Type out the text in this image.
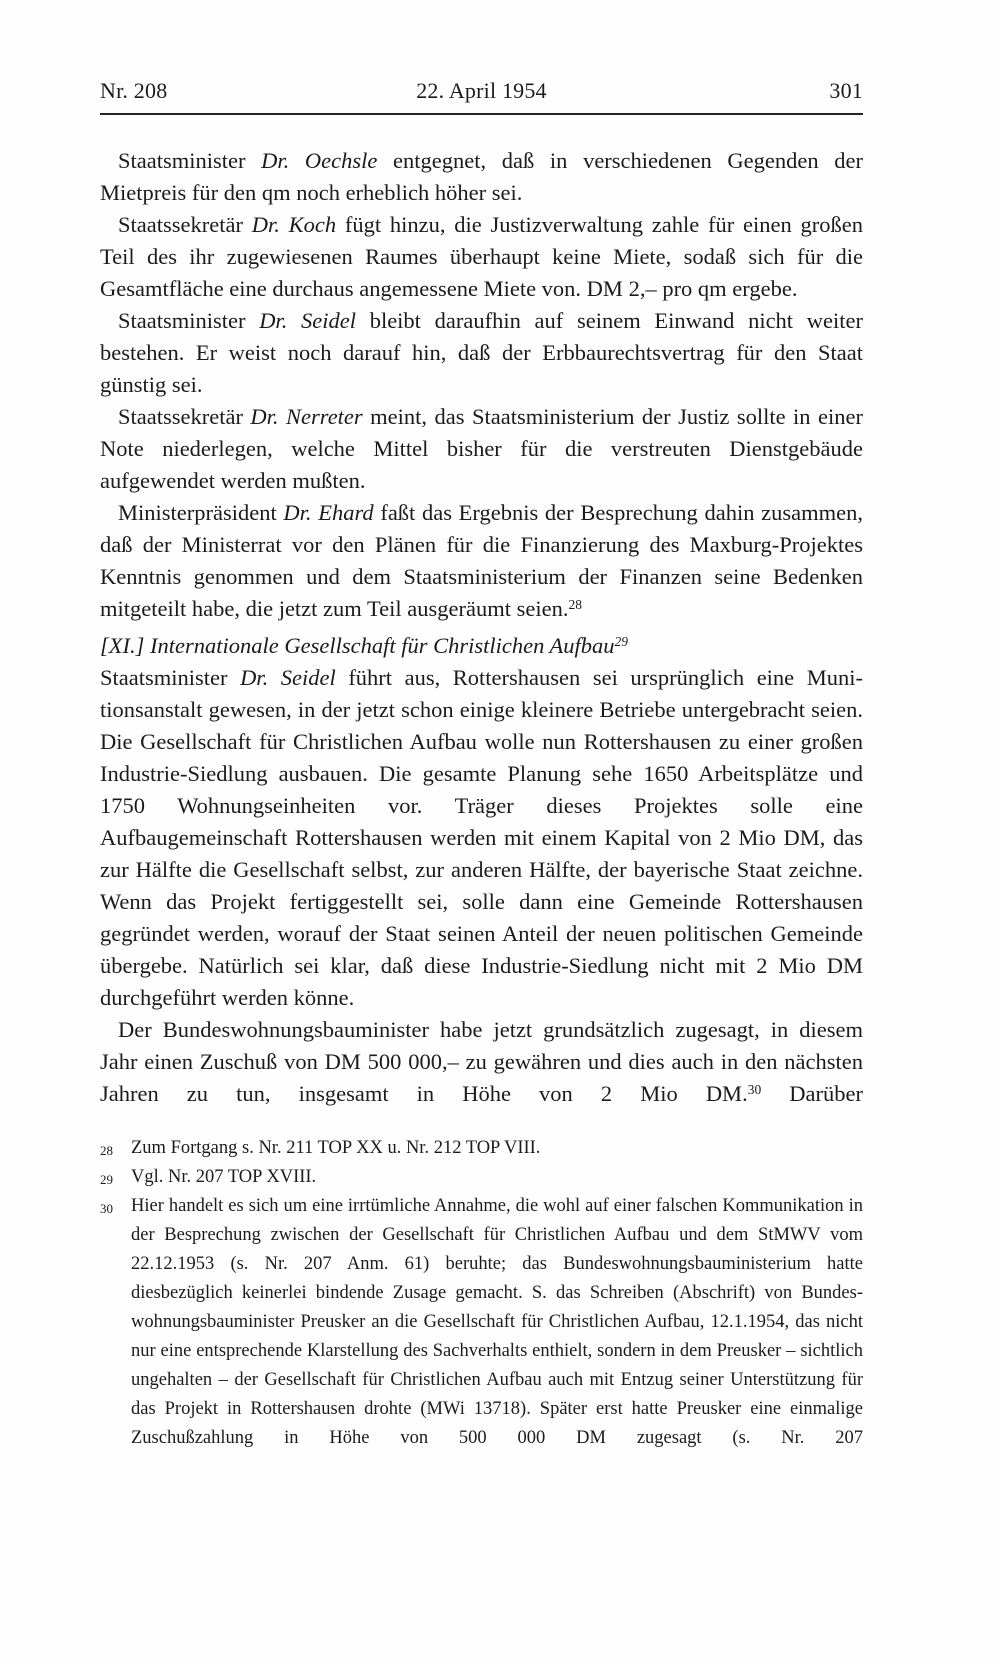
Nr. 208	22. April 1954	301

Staatsminister Dr. Oechsle entgegnet, daß in verschiedenen Gegenden der Mietpreis für den qm noch erheblich höher sei.

Staatssekretär Dr. Koch fügt hinzu, die Justizverwaltung zahle für einen großen Teil des ihr zugewiesenen Raumes überhaupt keine Miete, sodaß sich für die Gesamtfläche eine durchaus angemessene Miete von. DM 2,– pro qm ergebe.

Staatsminister Dr. Seidel bleibt daraufhin auf seinem Einwand nicht weiter bestehen. Er weist noch darauf hin, daß der Erbbaurechtsvertrag für den Staat günstig sei.

Staatssekretär Dr. Nerreter meint, das Staatsministerium der Justiz sollte in einer Note niederlegen, welche Mittel bisher für die verstreuten Dienstgebäude aufgewendet werden mußten.

Ministerpräsident Dr. Ehard faßt das Ergebnis der Besprechung dahin zusammen, daß der Ministerrat vor den Plänen für die Finanzierung des Maxburg-Projektes Kenntnis genommen und dem Staatsministerium der Finanzen seine Bedenken mitgeteilt habe, die jetzt zum Teil ausgeräumt seien.$^{28}$

[XI.] Internationale Gesellschaft für Christlichen Aufbau$^{29}$

Staatsminister Dr. Seidel führt aus, Rottershausen sei ursprünglich eine Munitionsanstalt gewesen, in der jetzt schon einige kleinere Betriebe untergebracht seien. Die Gesellschaft für Christlichen Aufbau wolle nun Rottershausen zu einer großen Industrie-Siedlung ausbauen. Die gesamte Planung sehe 1650 Arbeitsplätze und 1750 Wohnungseinheiten vor. Träger dieses Projektes solle eine Aufbaugemeinschaft Rottershausen werden mit einem Kapital von 2 Mio DM, das zur Hälfte die Gesellschaft selbst, zur anderen Hälfte, der bayerische Staat zeichne. Wenn das Projekt fertiggestellt sei, solle dann eine Gemeinde Rottershausen gegründet werden, worauf der Staat seinen Anteil der neuen politischen Gemeinde übergebe. Natürlich sei klar, daß diese Industrie-Siedlung nicht mit 2 Mio DM durchgeführt werden könne.

Der Bundeswohnungsbauminister habe jetzt grundsätzlich zugesagt, in diesem Jahr einen Zuschuß von DM 500 000,– zu gewähren und dies auch in den nächsten Jahren zu tun, insgesamt in Höhe von 2 Mio DM.$^{30}$ Darüber

28 Zum Fortgang s. Nr. 211 TOP XX u. Nr. 212 TOP VIII.
29 Vgl. Nr. 207 TOP XVIII.
30 Hier handelt es sich um eine irrtümliche Annahme, die wohl auf einer falschen Kommunikation in der Besprechung zwischen der Gesellschaft für Christlichen Aufbau und dem StMWV vom 22.12.1953 (s. Nr. 207 Anm. 61) beruhte; das Bundeswohnungsbauministerium hatte diesbezüglich keinerlei bindende Zusage gemacht. S. das Schreiben (Abschrift) von Bundeswohnungsbauminister Preusker an die Gesellschaft für Christlichen Aufbau, 12.1.1954, das nicht nur eine entsprechende Klarstellung des Sachverhalts enthielt, sondern in dem Preusker – sichtlich ungehalten – der Gesellschaft für Christlichen Aufbau auch mit Entzug seiner Unterstützung für das Projekt in Rottershausen drohte (MWi 13718). Später erst hatte Preusker eine einmalige Zuschußzahlung in Höhe von 500 000 DM zugesagt (s. Nr. 207
